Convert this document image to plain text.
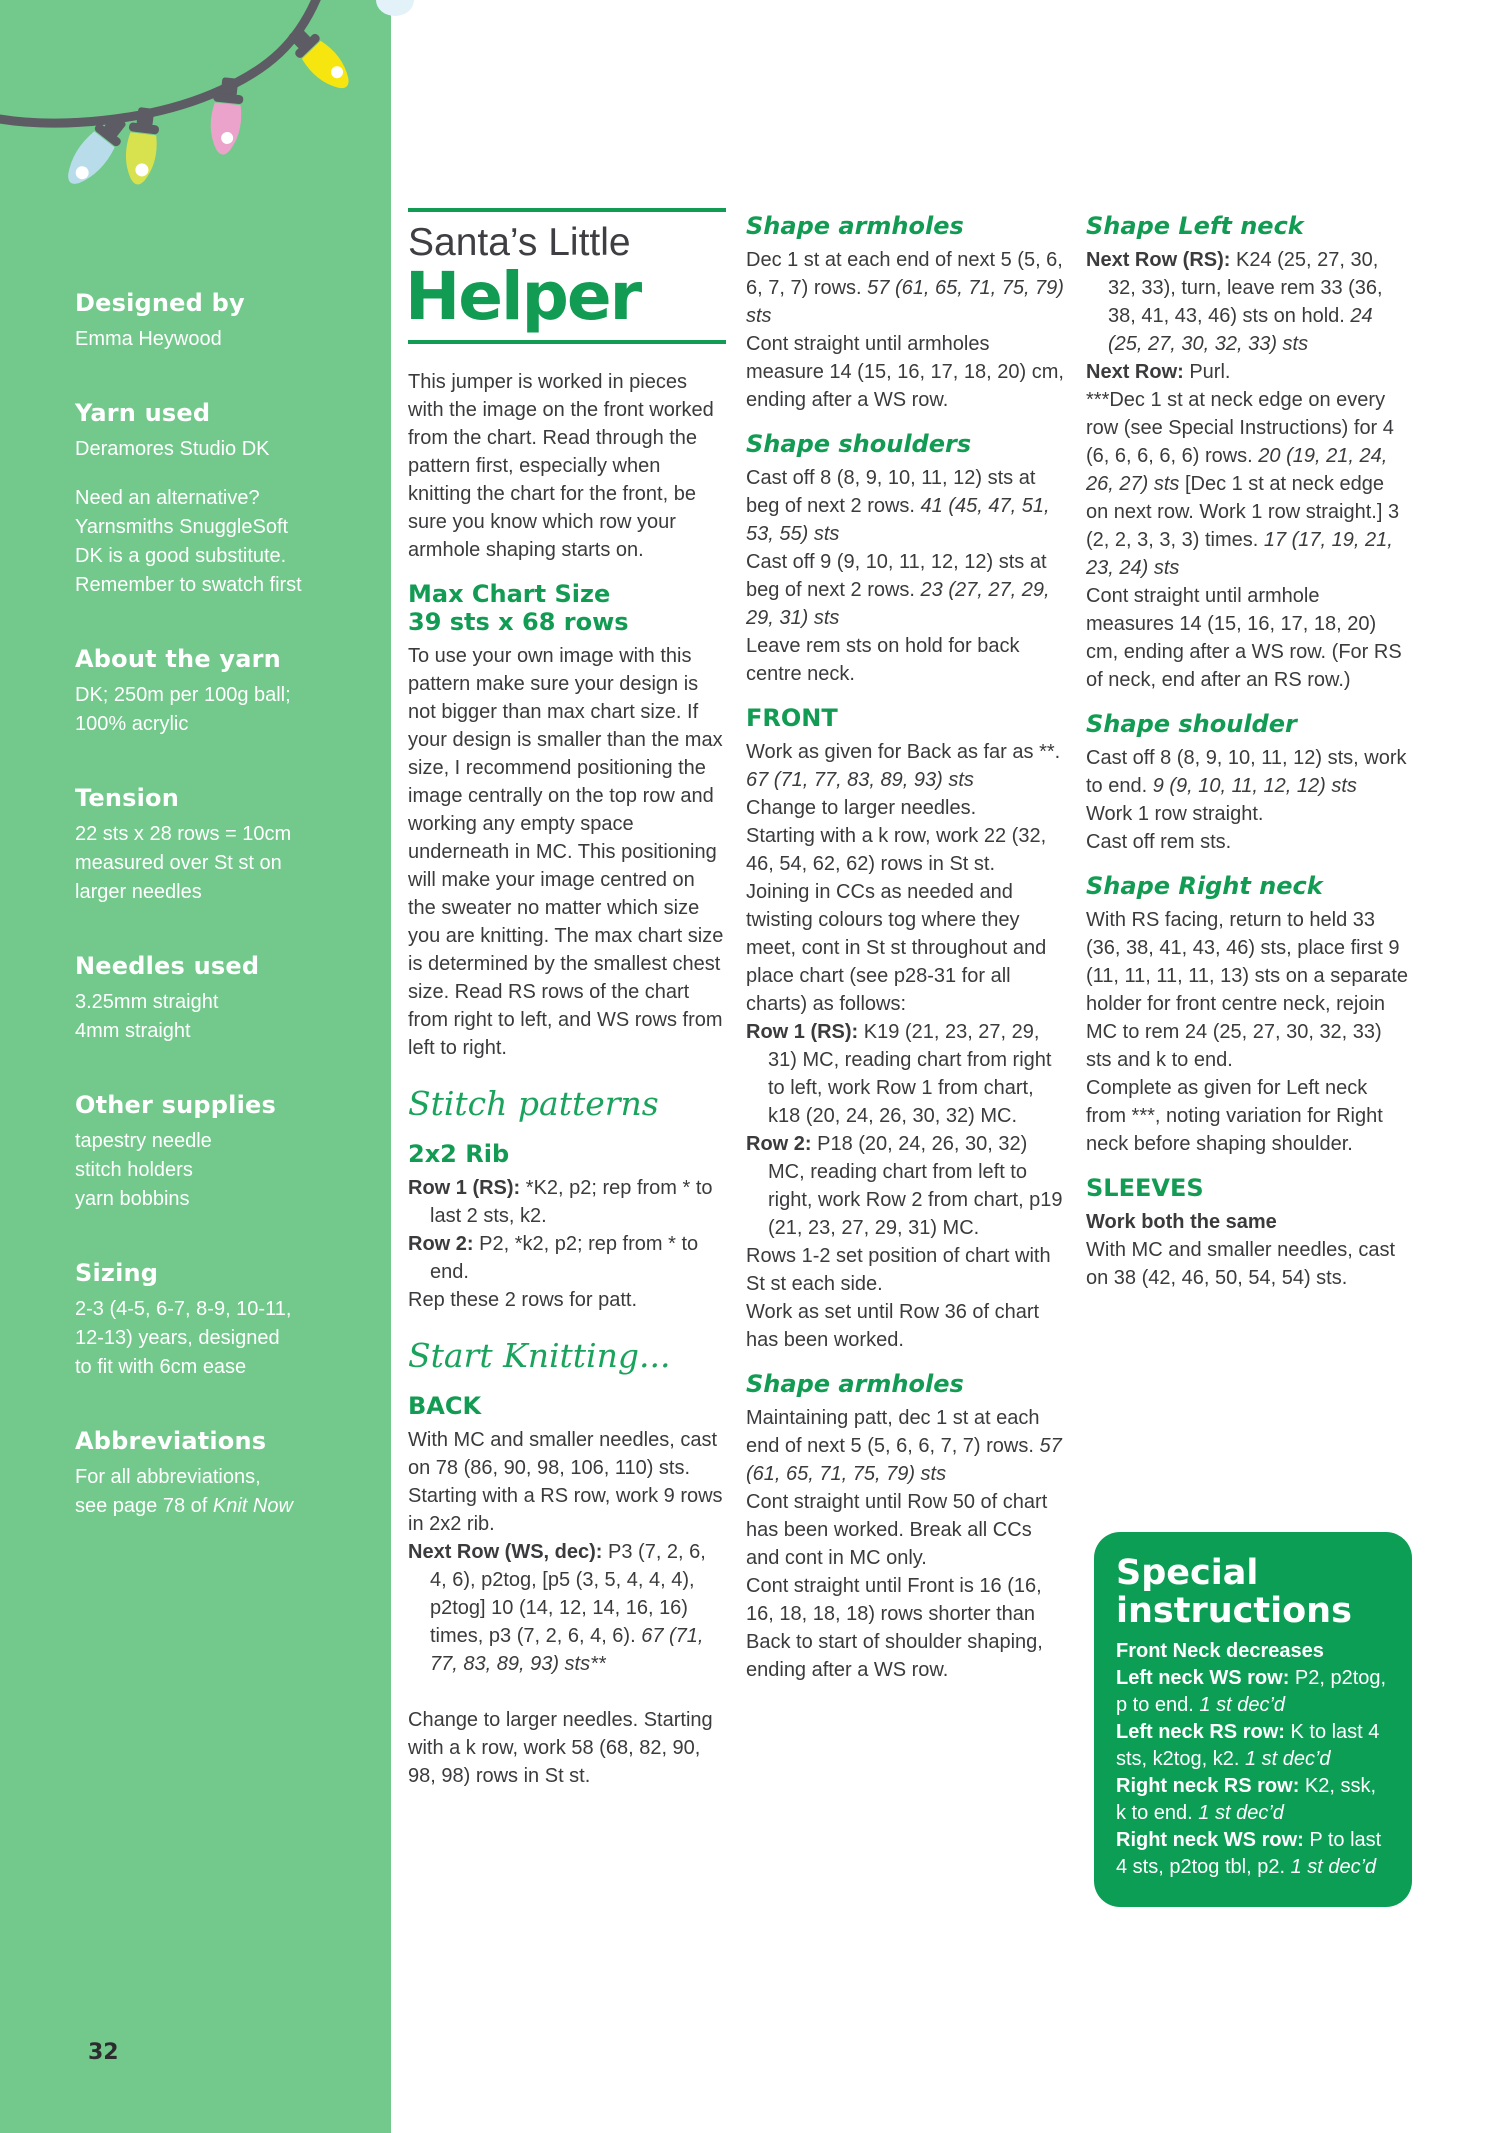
Designed by
Emma Heywood
Yarn used
Deramores Studio DK
Need an alternative?
Yarnsmiths SnuggleSoft
DK is a good substitute.
Remember to swatch first
About the yarn
DK; 250m per 100g ball;
100% acrylic
Tension
22 sts x 28 rows = 10cm
measured over St st on
larger needles
Needles used
3.25mm straight
4mm straight
Other supplies
tapestry needle
stitch holders
yarn bobbins
Sizing
2-3 (4-5, 6-7, 8-9, 10-11,
12-13) years, designed
to fit with 6cm ease
Abbreviations
For all abbreviations,
see page 78 of Knit Now
32
Santa’s Little
Helper
This jumper is worked in pieces with the image on the front worked from the chart. Read through the pattern first, especially when knitting the chart for the front, be sure you know which row your armhole shaping starts on.
Max Chart Size
39 sts x 68 rows
To use your own image with this pattern make sure your design is not bigger than max chart size. If your design is smaller than the max size, I recommend positioning the image centrally on the top row and working any empty space underneath in MC. This positioning will make your image centred on the sweater no matter which size you are knitting. The max chart size is determined by the smallest chest size. Read RS rows of the chart from right to left, and WS rows from left to right.
Stitch patterns
2x2 Rib
Row 1 (RS): *K2, p2; rep from * to last 2 sts, k2.
Row 2: P2, *k2, p2; rep from * to end.
Rep these 2 rows for patt.
Start Knitting...
BACK
With MC and smaller needles, cast on 78 (86, 90, 98, 106, 110) sts.
Starting with a RS row, work 9 rows in 2x2 rib.
Next Row (WS, dec): P3 (7, 2, 6, 4, 6), p2tog, [p5 (3, 5, 4, 4, 4), p2tog] 10 (14, 12, 14, 16, 16) times, p3 (7, 2, 6, 4, 6). 67 (71, 77, 83, 89, 93) sts**
Change to larger needles. Starting with a k row, work 58 (68, 82, 90, 98, 98) rows in St st.
Shape armholes
Dec 1 st at each end of next 5 (5, 6, 6, 7, 7) rows. 57 (61, 65, 71, 75, 79) sts
Cont straight until armholes measure 14 (15, 16, 17, 18, 20) cm, ending after a WS row.
Shape shoulders
Cast off 8 (8, 9, 10, 11, 12) sts at beg of next 2 rows. 41 (45, 47, 51, 53, 55) sts
Cast off 9 (9, 10, 11, 12, 12) sts at beg of next 2 rows. 23 (27, 27, 29, 29, 31) sts
Leave rem sts on hold for back centre neck.
FRONT
Work as given for Back as far as **. 67 (71, 77, 83, 89, 93) sts
Change to larger needles.
Starting with a k row, work 22 (32, 46, 54, 62, 62) rows in St st.
Joining in CCs as needed and twisting colours tog where they meet, cont in St st throughout and place chart (see p28-31 for all charts) as follows:
Row 1 (RS): K19 (21, 23, 27, 29, 31) MC, reading chart from right to left, work Row 1 from chart, k18 (20, 24, 26, 30, 32) MC.
Row 2: P18 (20, 24, 26, 30, 32) MC, reading chart from left to right, work Row 2 from chart, p19 (21, 23, 27, 29, 31) MC.
Rows 1-2 set position of chart with St st each side.
Work as set until Row 36 of chart has been worked.
Shape armholes
Maintaining patt, dec 1 st at each end of next 5 (5, 6, 6, 7, 7) rows. 57 (61, 65, 71, 75, 79) sts
Cont straight until Row 50 of chart has been worked. Break all CCs and cont in MC only.
Cont straight until Front is 16 (16, 16, 18, 18, 18) rows shorter than Back to start of shoulder shaping, ending after a WS row.
Shape Left neck
Next Row (RS): K24 (25, 27, 30, 32, 33), turn, leave rem 33 (36, 38, 41, 43, 46) sts on hold. 24 (25, 27, 30, 32, 33) sts
Next Row: Purl.
***Dec 1 st at neck edge on every row (see Special Instructions) for 4 (6, 6, 6, 6, 6) rows. 20 (19, 21, 24, 26, 27) sts [Dec 1 st at neck edge on next row. Work 1 row straight.] 3 (2, 2, 3, 3, 3) times. 17 (17, 19, 21, 23, 24) sts
Cont straight until armhole measures 14 (15, 16, 17, 18, 20) cm, ending after a WS row. (For RS of neck, end after an RS row.)
Shape shoulder
Cast off 8 (8, 9, 10, 11, 12) sts, work to end. 9 (9, 10, 11, 12, 12) sts
Work 1 row straight.
Cast off rem sts.
Shape Right neck
With RS facing, return to held 33 (36, 38, 41, 43, 46) sts, place first 9 (11, 11, 11, 11, 13) sts on a separate holder for front centre neck, rejoin MC to rem 24 (25, 27, 30, 32, 33) sts and k to end.
Complete as given for Left neck from ***, noting variation for Right neck before shaping shoulder.
SLEEVES
Work both the same
With MC and smaller needles, cast on 38 (42, 46, 50, 54, 54) sts.
Special
instructions
Front Neck decreases
Left neck WS row: P2, p2tog, p to end. 1 st dec’d
Left neck RS row: K to last 4 sts, k2tog, k2. 1 st dec’d
Right neck RS row: K2, ssk, k to end. 1 st dec’d
Right neck WS row: P to last 4 sts, p2tog tbl, p2. 1 st dec’d
